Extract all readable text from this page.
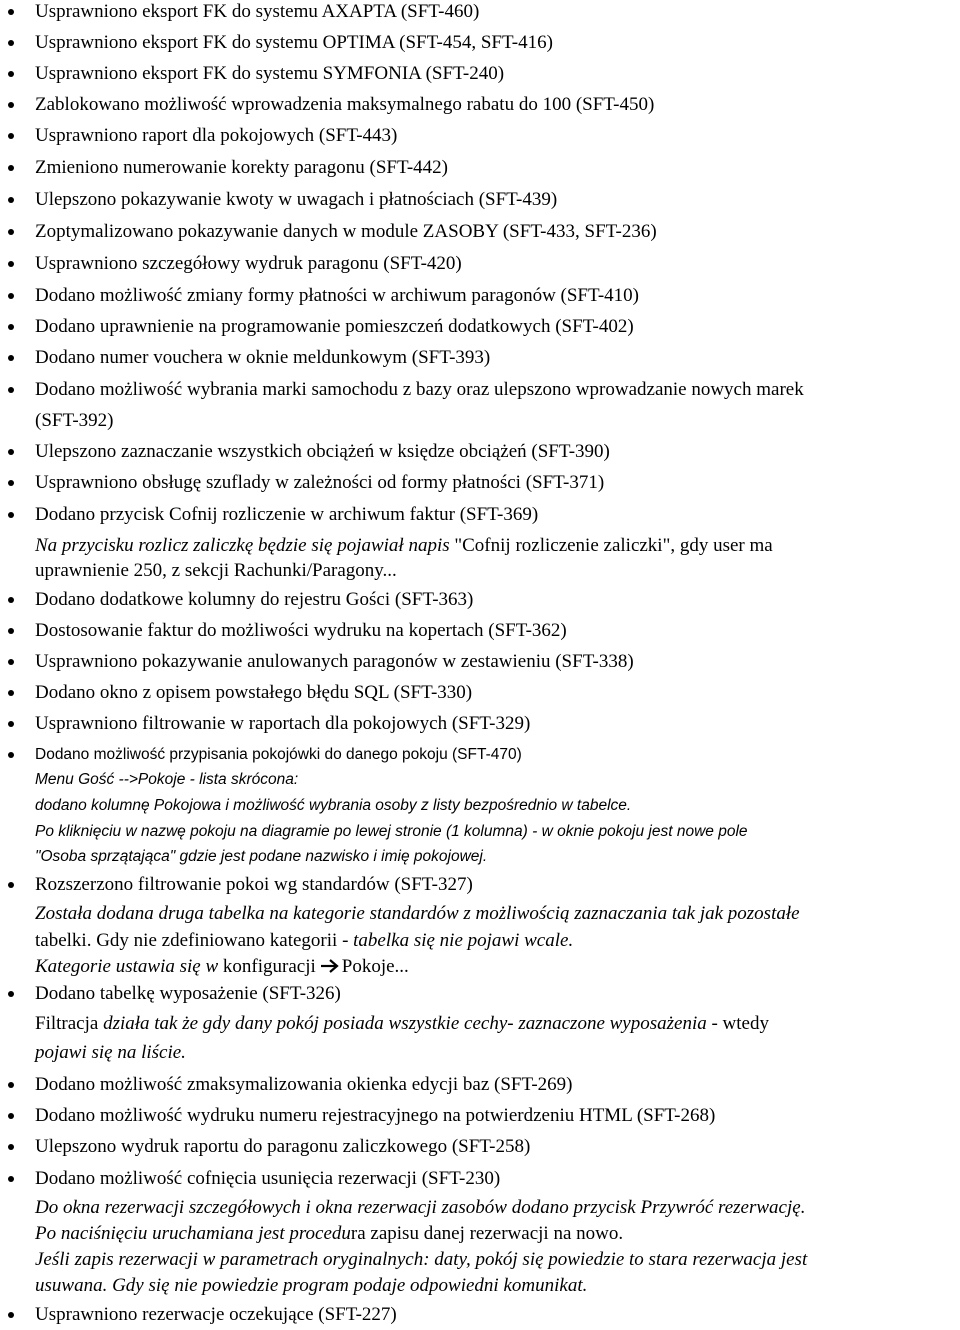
Usprawniono eksport FK do systemu AXAPTA (SFT-460)
Usprawniono eksport FK do systemu OPTIMA (SFT-454, SFT-416)
Usprawniono eksport FK do systemu SYMFONIA (SFT-240)
Zablokowano możliwość wprowadzenia maksymalnego rabatu do 100 (SFT-450)
Usprawniono raport dla pokojowych (SFT-443)
Zmieniono numerowanie korekty paragonu (SFT-442)
Ulepszono pokazywanie kwoty w uwagach i płatnościach (SFT-439)
Zoptymalizowano pokazywanie danych w module ZASOBY (SFT-433, SFT-236)
Usprawniono szczegółowy wydruk paragonu (SFT-420)
Dodano możliwość zmiany formy płatności w archiwum paragonów (SFT-410)
Dodano uprawnienie na programowanie pomieszczeń dodatkowych (SFT-402)
Dodano numer vouchera w oknie meldunkowym (SFT-393)
Dodano możliwość wybrania marki samochodu z bazy oraz ulepszono wprowadzanie nowych marek
(SFT-392)
Ulepszono zaznaczanie wszystkich obciążeń w księdze obciążeń (SFT-390)
Usprawniono obsługę szuflady w zależności od formy płatności (SFT-371)
Dodano przycisk Cofnij rozliczenie w archiwum faktur (SFT-369)
Na przycisku rozlicz zaliczkę będzie się pojawiał napis "Cofnij rozliczenie zaliczki", gdy user ma
uprawnienie 250, z sekcji Rachunki/Paragony...
Dodano dodatkowe kolumny do rejestru Gości (SFT-363)
Dostosowanie faktur do możliwości wydruku na kopertach (SFT-362)
Usprawniono pokazywanie anulowanych paragonów w zestawieniu (SFT-338)
Dodano okno z opisem powstałego błędu SQL (SFT-330)
Usprawniono filtrowanie w raportach dla pokojowych (SFT-329)
Dodano możliwość przypisania pokojówki do danego pokoju (SFT-470)
Menu Gość -->Pokoje - lista skrócona:
dodano kolumnę Pokojowa i możliwość wybrania osoby z listy bezpośrednio w tabelce.
Po kliknięciu w nazwę pokoju na diagramie po lewej stronie (1 kolumna) - w oknie pokoju jest nowe pole
"Osoba sprzątająca" gdzie jest podane nazwisko i imię pokojowej.
Rozszerzono filtrowanie pokoi wg standardów (SFT-327)
Została dodana druga tabelka na kategorie standardów z możliwością zaznaczania tak jak pozostałe
tabelki. Gdy nie zdefiniowano kategorii - tabelka się nie pojawi wcale.
Kategorie ustawia się w konfiguracji Pokoje...
Dodano tabelkę wyposażenie (SFT-326)
Filtracja działa tak że gdy dany pokój posiada wszystkie cechy- zaznaczone wyposażenia - wtedy
pojawi się na liście.
Dodano możliwość zmaksymalizowania okienka edycji baz (SFT-269)
Dodano możliwość wydruku numeru rejestracyjnego na potwierdzeniu HTML (SFT-268)
Ulepszono wydruk raportu do paragonu zaliczkowego (SFT-258)
Dodano możliwość cofnięcia usunięcia rezerwacji (SFT-230)
Do okna rezerwacji szczegółowych i okna rezerwacji zasobów dodano przycisk Przywróć rezerwację.
Po naciśnięciu uruchamiana jest procedura zapisu danej rezerwacji na nowo.
Jeśli zapis rezerwacji w parametrach oryginalnych: daty, pokój się powiedzie to stara rezerwacja jest
usuwana. Gdy się nie powiedzie program podaje odpowiedni komunikat.
Usprawniono rezerwacje oczekujące (SFT-227)
